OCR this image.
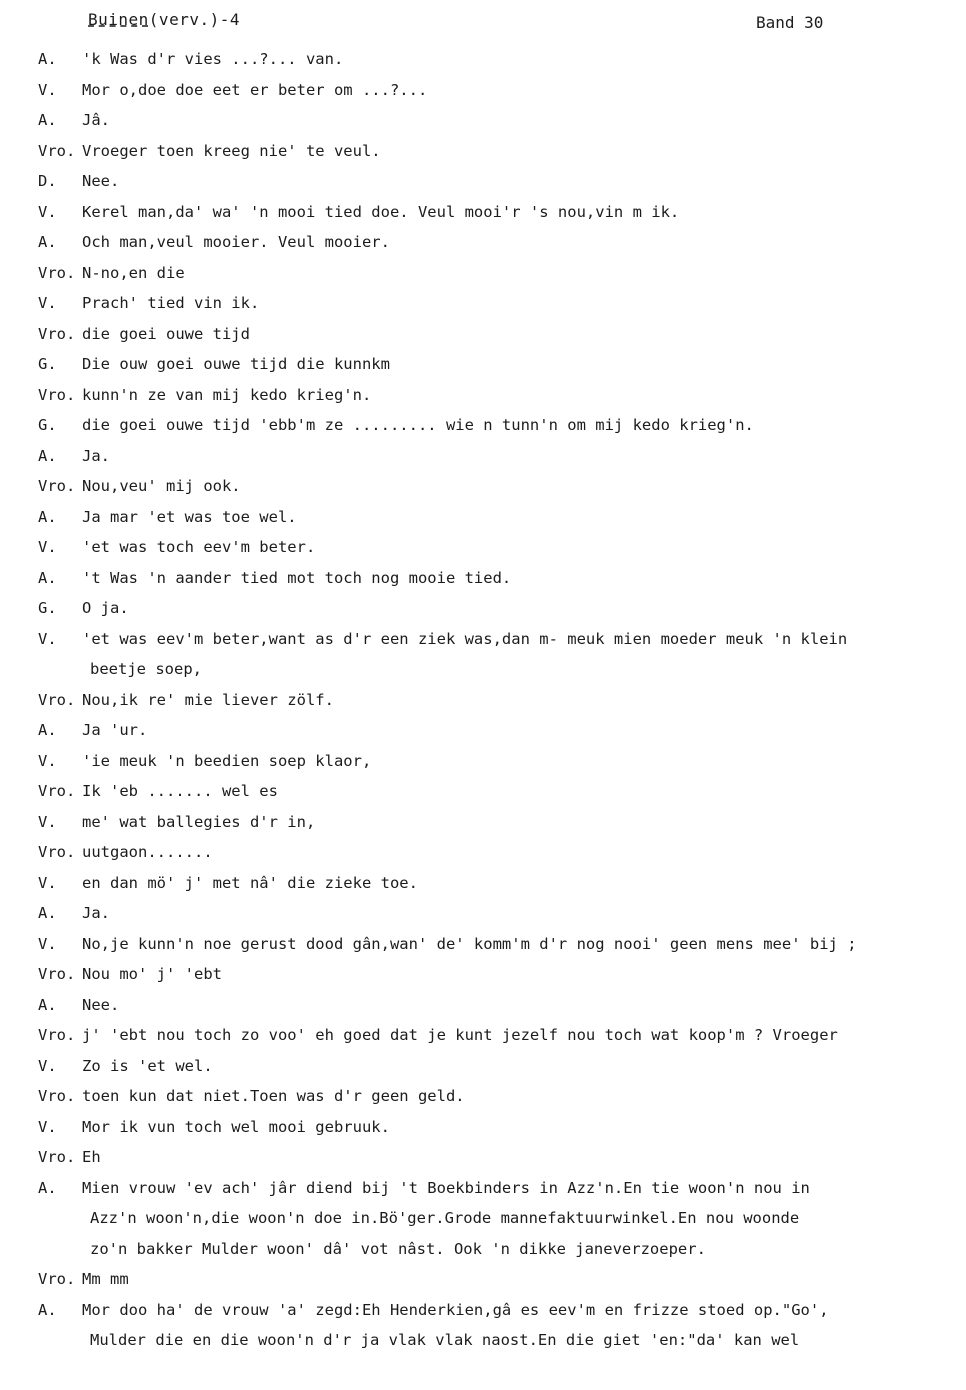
Buinen(verv.)-4	Band 30
A. 'k Was d'r vies ...?... van.
V. Mor o,doe doe eet er beter om ...?...
A. Jâ.
Vro. Vroeger toen kreeg nie' te veul.
D. Nee.
V. Kerel man,da' wa' 'n mooi tied doe. Veul mooi'r 's nou,vin m ik.
A. Och man,veul mooier. Veul mooier.
Vro. N-no,en die
V. Prach' tied vin ik.
Vro. die goei ouwe tijd
G. Die ouw goei ouwe tijd die kunnkm
Vro. kunn'n ze van mij kedo krieg'n.
G. die goei ouwe tijd 'ebb'm ze ......... wie n tunn'n om mij kedo krieg'n.
A. Ja.
Vro. Nou,veu' mij ook.
A. Ja mar 'et was toe wel.
V. 'et was toch eev'm beter.
A. 't Was 'n aander tied mot toch nog mooie tied.
G. O ja.
V. 'et was eev'm beter,want as d'r een ziek was,dan m- meuk mien moeder meuk 'n klein
beetje soep,
Vro. Nou,ik re' mie liever zölf.
A. Ja 'ur.
V. 'ie meuk 'n beedien soep klaor,
Vro. Ik 'eb ....... wel es
V. me' wat ballegies d'r in,
Vro. uutgaon.......
V. en dan mö' j' met nâ' die zieke toe.
A. Ja.
V. No,je kunn'n noe gerust dood gân,wan' de' komm'm d'r nog nooi' geen mens mee' bij ;
Vro. Nou mo' j' 'ebt
A. Nee.
Vro. j' 'ebt nou toch zo voo' eh goed dat je kunt jezelf nou toch wat koop'm ? Vroeger
V. Zo is 'et wel.
Vro. toen kun dat niet.Toen was d'r geen geld.
V. Mor ik vun toch wel mooi gebruuk.
Vro. Eh
A. Mien vrouw 'ev ach' jâr diend bij 't Boekbinders in Azz'n.En tie woon'n nou in
Azz'n woon'n,die woon'n doe in.Bö'ger.Grode mannefaktuurwinkel.En nou woonde
zo'n bakker Mulder woon' dâ' vot nâst. Ook 'n dikke janeverzoeper.
Vro. Mm mm
A. Mor doo ha' de vrouw 'a' zegd:Eh Henderkien,gâ es eev'm en frizze stoed op."Go',
Mulder die en die woon'n d'r ja vlak vlak naost.En die giet 'en:"da' kan wel
